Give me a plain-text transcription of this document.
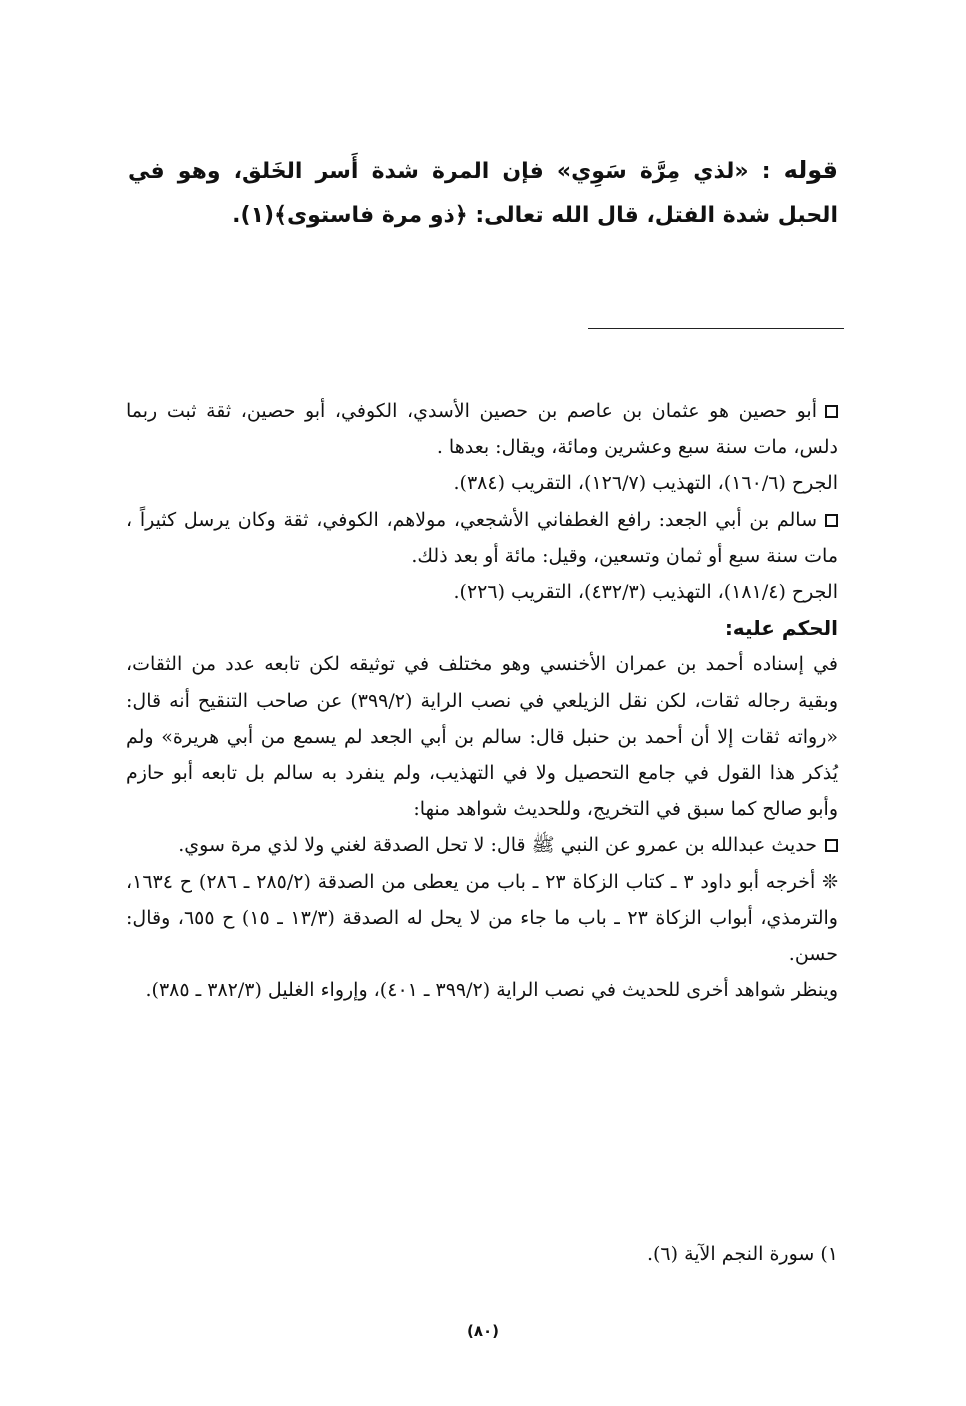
قوله : «لذي مِرَّة سَوِي» فإن المرة شدة أَسر الخَلق، وهو في الحبل شدة الفتل، قال الله تعالى: ﴿ذو مرة فاستوى﴾(١).

أبو حصين هو عثمان بن عاصم بن حصين الأسدي، الكوفي، أبو حصين، ثقة ثبت ربما دلس، مات سنة سبع وعشرين ومائة، ويقال: بعدها .

الجرح (١٦٠/٦)، التهذيب (١٢٦/٧)، التقريب (٣٨٤).

سالم بن أبي الجعد: رافع الغطفاني الأشجعي، مولاهم، الكوفي، ثقة وكان يرسل كثيراً ، مات سنة سبع أو ثمان وتسعين، وقيل: مائة أو بعد ذلك.

الجرح (١٨١/٤)، التهذيب (٤٣٢/٣)، التقريب (٢٢٦).

الحكم عليه:

في إسناده أحمد بن عمران الأخنسي وهو مختلف في توثيقه لكن تابعه عدد من الثقات، وبقية رجاله ثقات، لكن نقل الزيلعي في نصب الراية (٣٩٩/٢) عن صاحب التنقيح أنه قال: «رواته ثقات إلا أن أحمد بن حنبل قال: سالم بن أبي الجعد لم يسمع من أبي هريرة» ولم يُذكر هذا القول في جامع التحصيل ولا في التهذيب، ولم ينفرد به سالم بل تابعه أبو حازم وأبو صالح كما سبق في التخريج، وللحديث شواهد منها:

حديث عبدالله بن عمرو عن النبي ﷺ قال: لا تحل الصدقة لغني ولا لذي مرة سوي.

❊ أخرجه أبو داود ٣ ـ كتاب الزكاة ٢٣ ـ باب من يعطى من الصدقة (٢٨٥/٢ ـ ٢٨٦) ح ١٦٣٤، والترمذي، أبواب الزكاة ٢٣ ـ باب ما جاء من لا يحل له الصدقة (١٣/٣ ـ ١٥) ح ٦٥٥، وقال: حسن.

وينظر شواهد أخرى للحديث في نصب الراية (٣٩٩/٢ ـ ٤٠١)، وإرواء الغليل (٣٨٢/٣ ـ ٣٨٥).

١) سورة النجم الآية (٦).
(٨٠)
